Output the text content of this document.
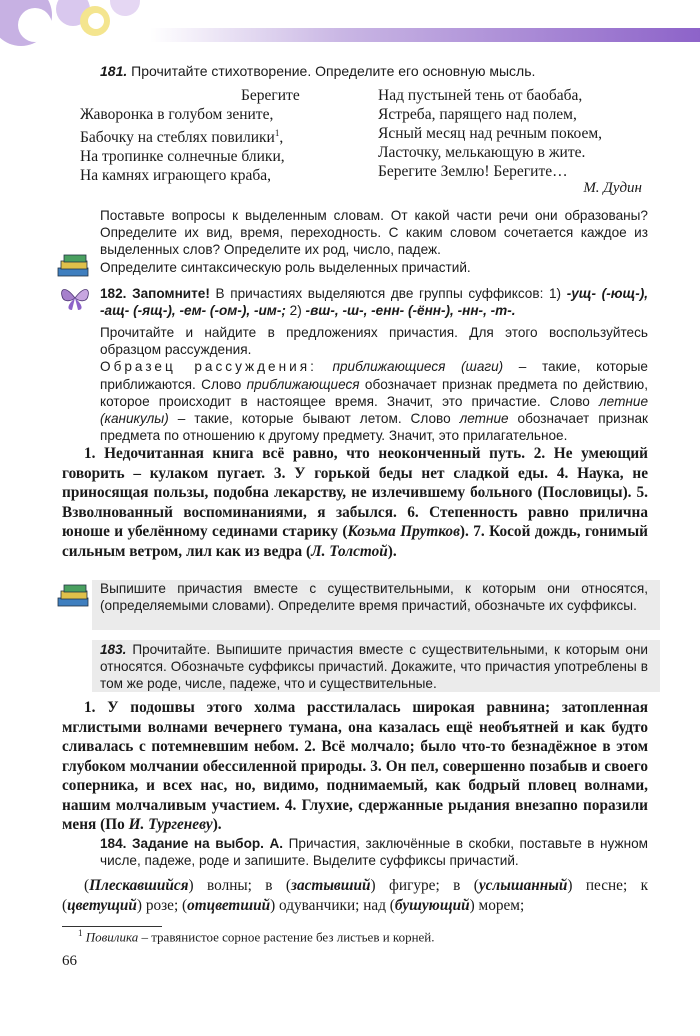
181. Прочитайте стихотворение. Определите его основную мысль.
Берегите
Жаворонка в голубом зените,
Бабочку на стеблях повилики$^1$,
На тропинке солнечные блики,
На камнях играющего краба,
Над пустыней тень от баобаба,
Ястреба, парящего над полем,
Ясный месяц над речным покоем,
Ласточку, мелькающую в жите.
Берегите Землю! Берегите…
М. Дудин

Поставьте вопросы к выделенным словам. От какой части речи они образованы? Определите их вид, время, переходность. С каким словом сочетается каждое из выделенных слов? Определите их род, число, падеж.

Определите синтаксическую роль выделенных причастий.

182. Запомните! В причастиях выделяются две группы суффиксов: 1) -ущ- (-ющ-), -ащ- (-ящ-), -ем- (-ом-), -им-; 2) -вш-, -ш-, -енн- (-ённ-), -нн-, -т-.

Прочитайте и найдите в предложениях причастия. Для этого воспользуйтесь образцом рассуждения.

Образец рассуждения: приближающиеся (шаги) – такие, которые приближаются. Слово приближающиеся обозначает признак предмета по действию, которое происходит в настоящее время. Значит, это причастие. Слово летние (каникулы) – такие, которые бывают летом. Слово летние обозначает признак предмета по отношению к другому предмету. Значит, это прилагательное.

1. Недочитанная книга всё равно, что неоконченный путь. 2. Не умеющий говорить – кулаком пугает. 3. У горькой беды нет сладкой еды. 4. Наука, не приносящая пользы, подобна лекарству, не излечившему больного (Пословицы). 5. Взволнованный воспоминаниями, я забылся. 6. Степенность равно прилична юноше и убелённому сединами старику (Козьма Прутков). 7. Косой дождь, гонимый сильным ветром, лил как из ведра (Л. Толстой).

Выпишите причастия вместе с существительными, к которым они относятся, (определяемыми словами). Определите время причастий, обозначьте их суффиксы.

183. Прочитайте. Выпишите причастия вместе с существительными, к которым они относятся. Обозначьте суффиксы причастий. Докажите, что причастия употреблены в том же роде, числе, падеже, что и существительные.

1. У подошвы этого холма расстилалась широкая равнина; затопленная мглистыми волнами вечернего тумана, она казалась ещё необъятней и как будто сливалась с потемневшим небом. 2. Всё молчало; было что-то безнадёжное в этом глубоком молчании обессиленной природы. 3. Он пел, совершенно позабыв и своего соперника, и всех нас, но, видимо, поднимаемый, как бодрый пловец волнами, нашим молчаливым участием. 4. Глухие, сдержанные рыдания внезапно поразили меня (По И. Тургеневу).

184. Задание на выбор. А. Причастия, заключённые в скобки, поставьте в нужном числе, падеже, роде и запишите. Выделите суффиксы причастий.

(Плескавшийся) волны; в (застывший) фигуре; в (услышанный) песне; к (цветущий) розе; (отцветший) одуванчики; над (бушующий) морем;

$^1$ Повилика – травянистое сорное растение без листьев и корней.
66
